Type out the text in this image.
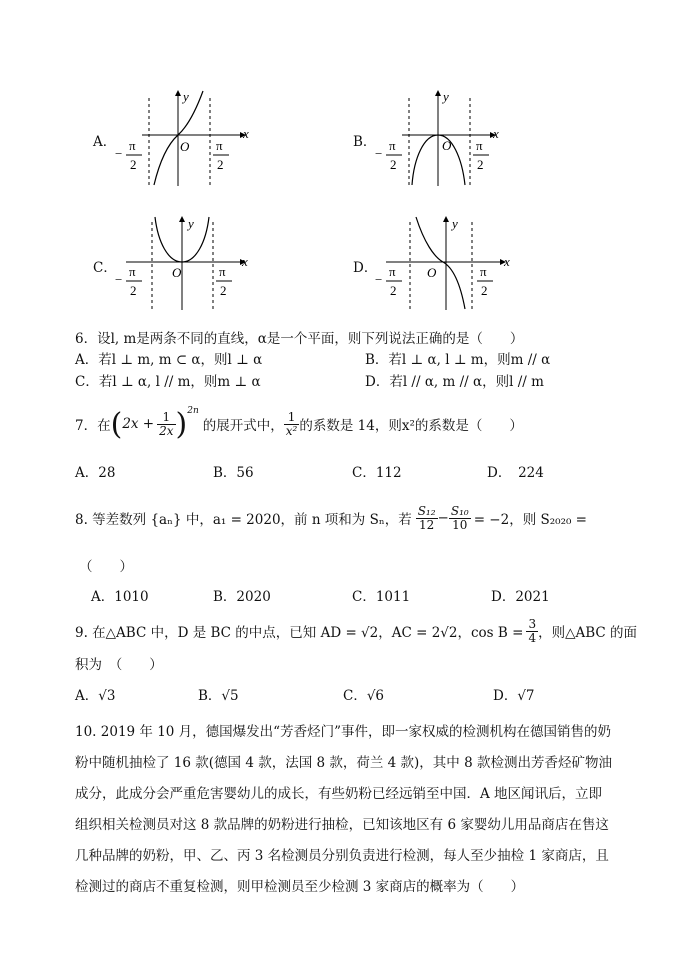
A．
x
y
O
−
π
2
π
2
B．
x
y
O
−
π
2
π
2
C．	x
y
O
−
π
2
π
2
D．	x
y
O
−
π
2
π
2
6．设l, m是两条不同的直线，α是一个平面，则下列说法正确的是（　　）
A．若l ⊥ m, m ⊂ α，则l ⊥ α	B．若l ⊥ α, l ⊥ m，则m // α
C．若l ⊥ α, l // m，则m ⊥ α	D．若l // α, m // α，则l // m
7．在 ( $2x + \frac{1}{2x} )^{2n}$
的展开式中， $\frac{1}{\text{x²}}$ 的系数是 14，则x²的系数是（　　）
A．28	B．56	C．112	D．　224
8. 等差数列 {aₙ} 中，a₁ = 2020，前 n 项和为 Sₙ，若 $\frac{\text{S₁₂}}{12} - \frac{\text{S₁₀}}{10} = -2$，则 S₂₀₂₀ =
（　　）
A．1010	B．2020	C．1011	D．2021
9. 在△ABC 中，D 是 BC 的中点，已知 AD = √2，AC = 2√2，$\cos B = \frac{3}{4}$ ，则△ABC 的面
积为　（　　）
A．√3	B．√5	C．√6	D．√7
10. 2019 年 10 月，德国爆发出“芳香烃门”事件，即一家权威的检测机构在德国销售的奶
粉中随机抽检了 16 款(德国 4 款，法国 8 款，荷兰 4 款)，其中 8 款检测出芳香烃矿物油
成分，此成分会严重危害婴幼儿的成长，有些奶粉已经远销至中国．A 地区闻讯后，立即
组织相关检测员对这 8 款品牌的奶粉进行抽检，已知该地区有 6 家婴幼儿用品商店在售这
几种品牌的奶粉，甲、乙、丙 3 名检测员分别负责进行检测，每人至少抽检 1 家商店，且
检测过的商店不重复检测，则甲检测员至少检测 3 家商店的概率为（　　）
